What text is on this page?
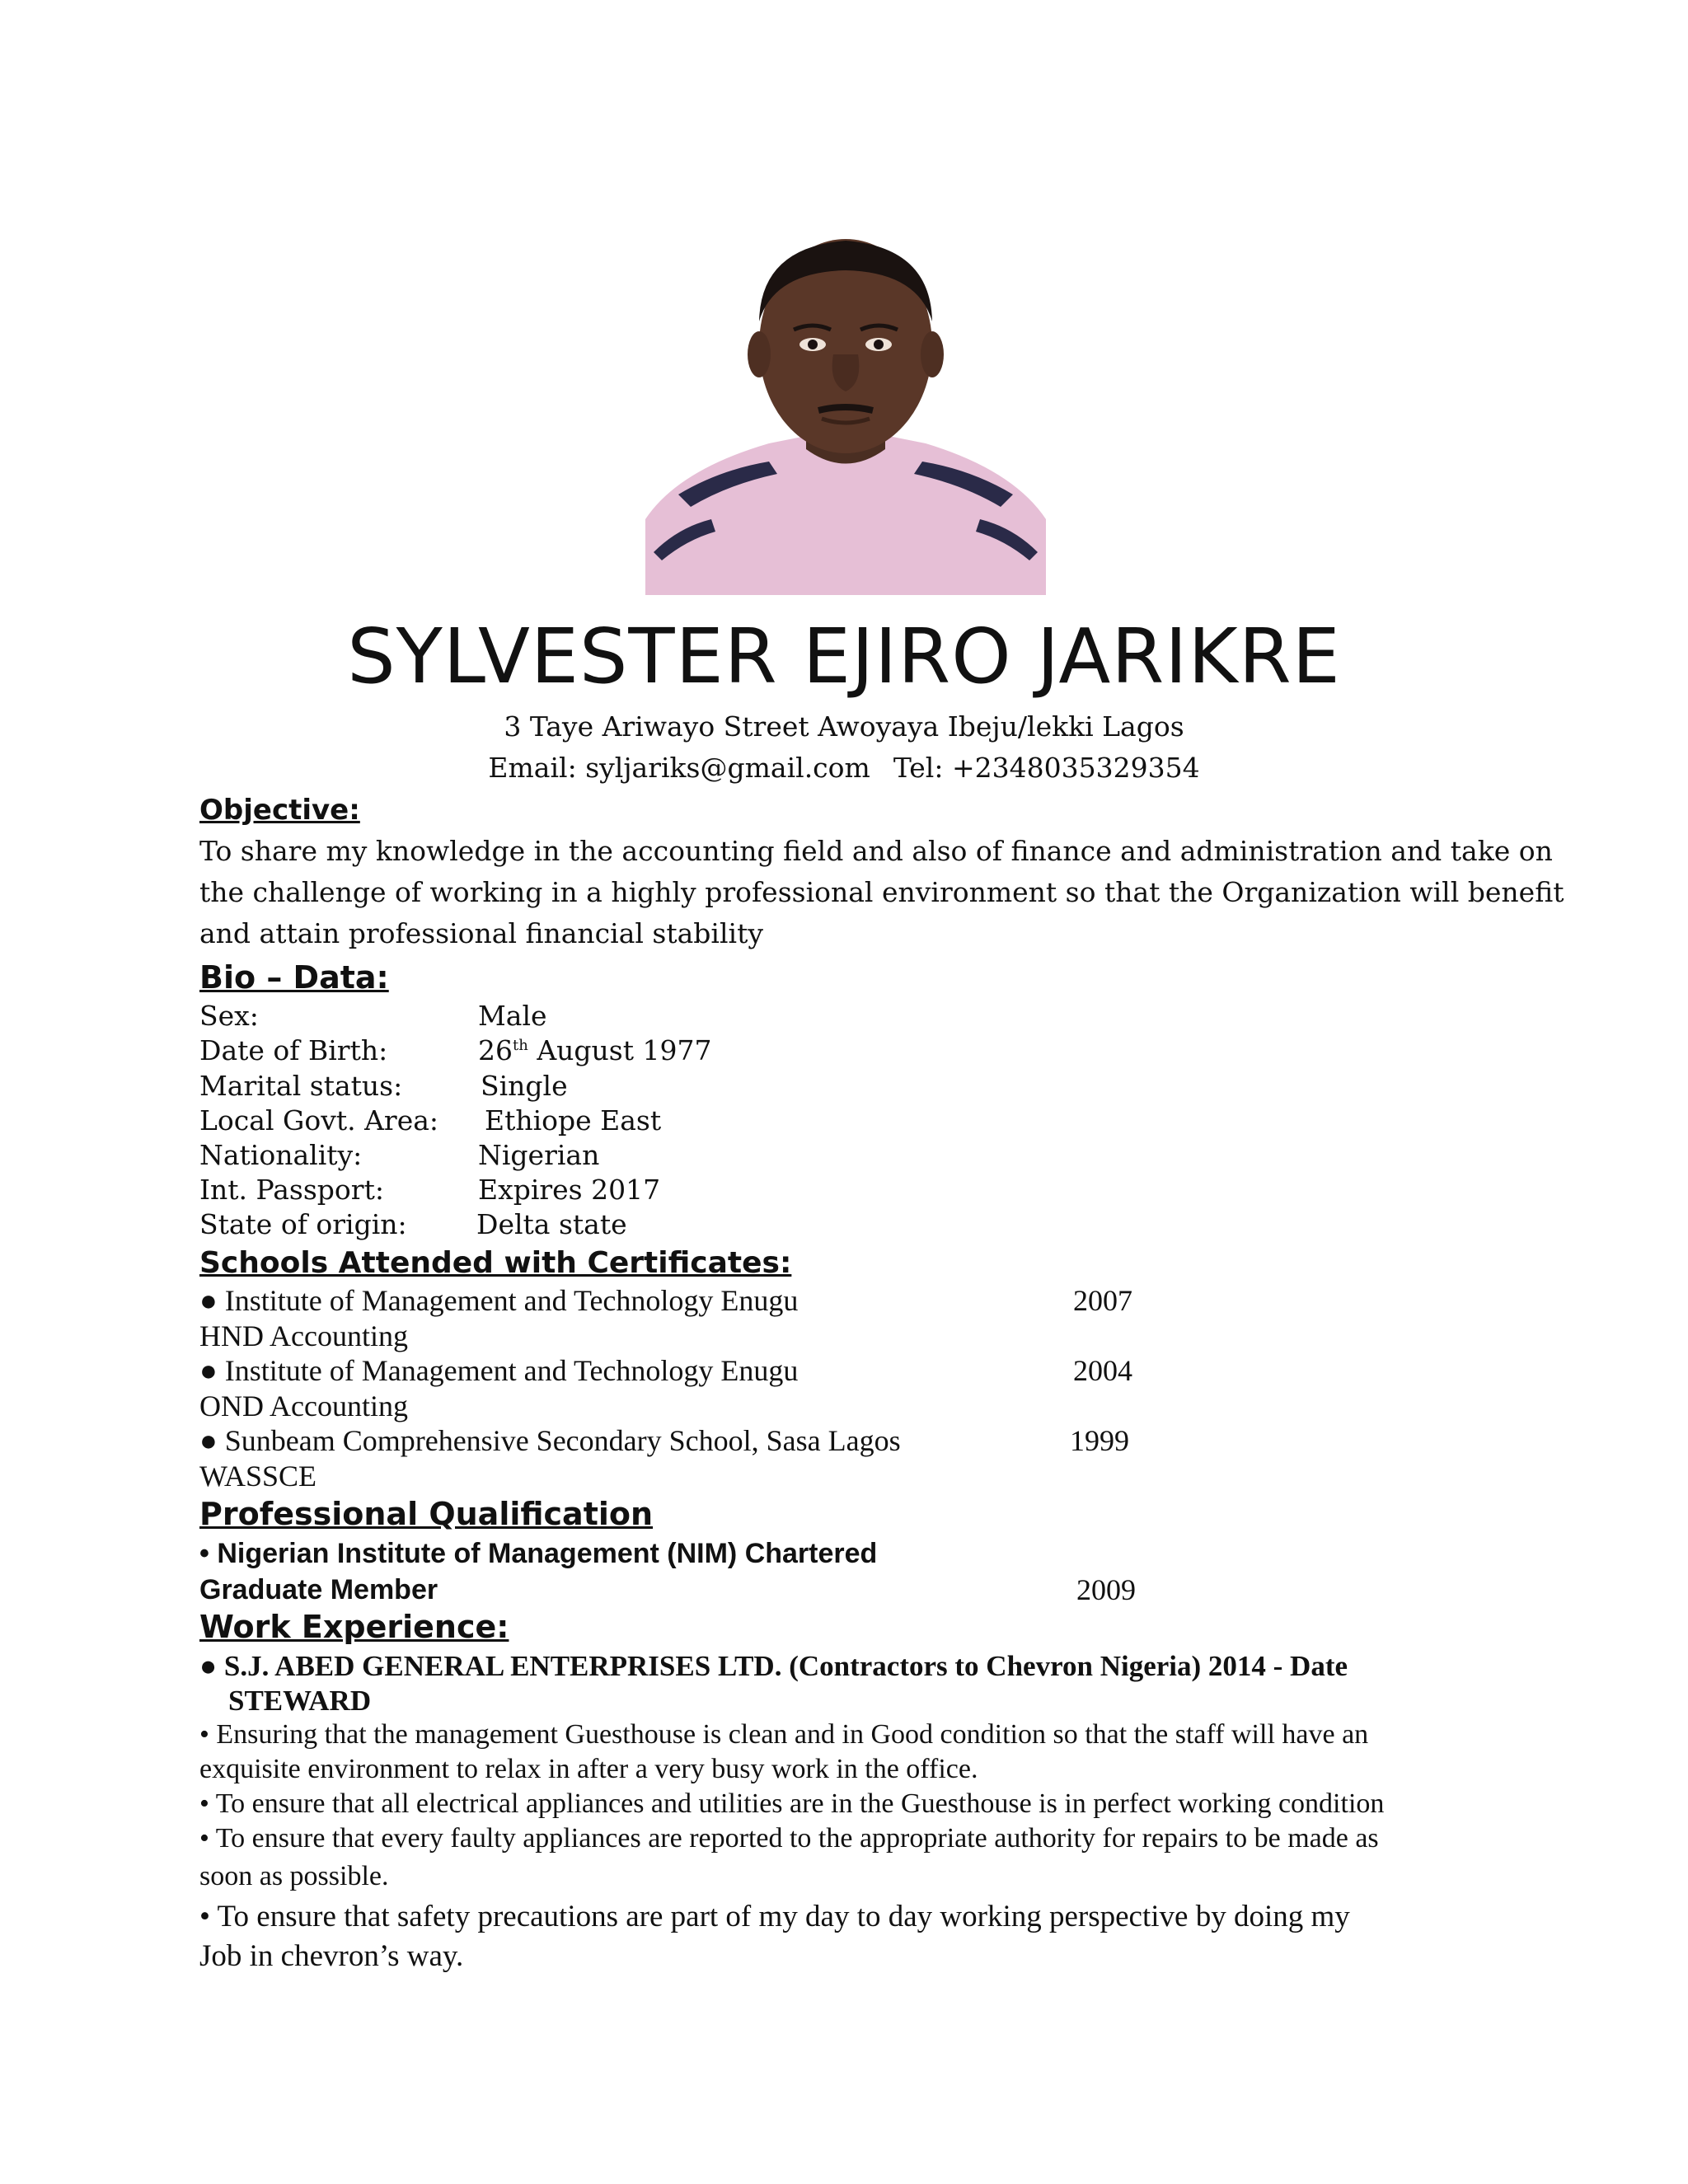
SYLVESTER EJIRO JARIKRE
3 Taye Ariwayo Street Awoyaya Ibeju/lekki Lagos
Email: syljariks@gmail.com Tel: +2348035329354
Objective:
To share my knowledge in the accounting field and also of finance and administration and take on
the challenge of working in a highly professional environment so that the Organization will benefit
and attain professional financial stability
Bio – Data:
Sex:	Male
Date of Birth:	26th August 1977
Marital status:	Single
Local Govt. Area: Ethiope East
Nationality:	Nigerian
Int. Passport:	Expires 2017
State of origin:	Delta state
Schools Attended with Certificates:
● Institute of Management and Technology Enugu	2007
HND Accounting
● Institute of Management and Technology Enugu	2004
OND Accounting
● Sunbeam Comprehensive Secondary School, Sasa Lagos	1999
WASSCE
Professional Qualification
• Nigerian Institute of Management (NIM) Chartered
Graduate Member	2009
Work Experience:
● S.J. ABED GENERAL ENTERPRISES LTD. (Contractors to Chevron Nigeria) 2014 - Date
STEWARD
• Ensuring that the management Guesthouse is clean and in Good condition so that the staff will have an
exquisite environment to relax in after a very busy work in the office.
• To ensure that all electrical appliances and utilities are in the Guesthouse is in perfect working condition
• To ensure that every faulty appliances are reported to the appropriate authority for repairs to be made as
soon as possible.
• To ensure that safety precautions are part of my day to day working perspective by doing my
Job in chevron’s way.
